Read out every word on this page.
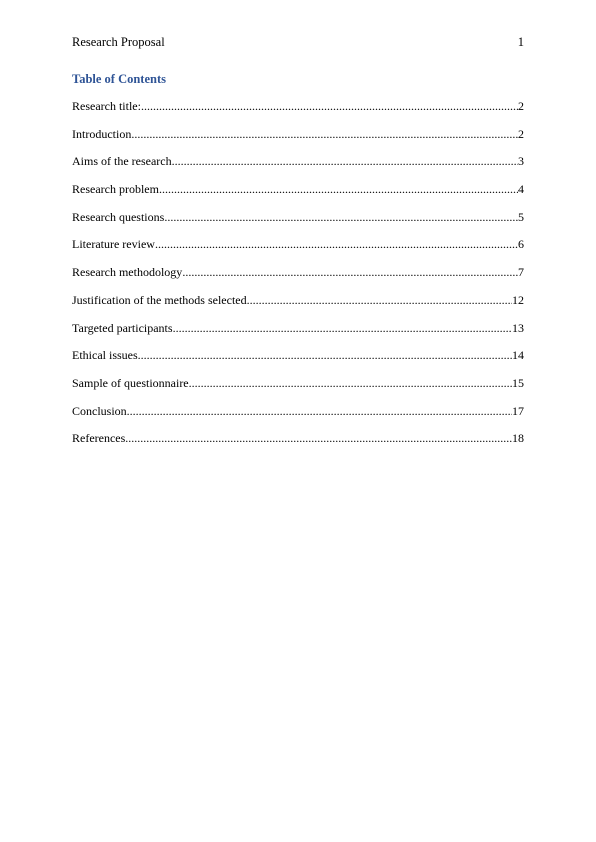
Research Proposal	1
Table of Contents
Research title: .....	2
Introduction .....	2
Aims of the research .....	3
Research problem .....	4
Research questions .....	5
Literature review .....	6
Research methodology .....	7
Justification of the methods selected .....	12
Targeted participants .....	13
Ethical issues .....	14
Sample of questionnaire .....	15
Conclusion .....	17
References .....	18
